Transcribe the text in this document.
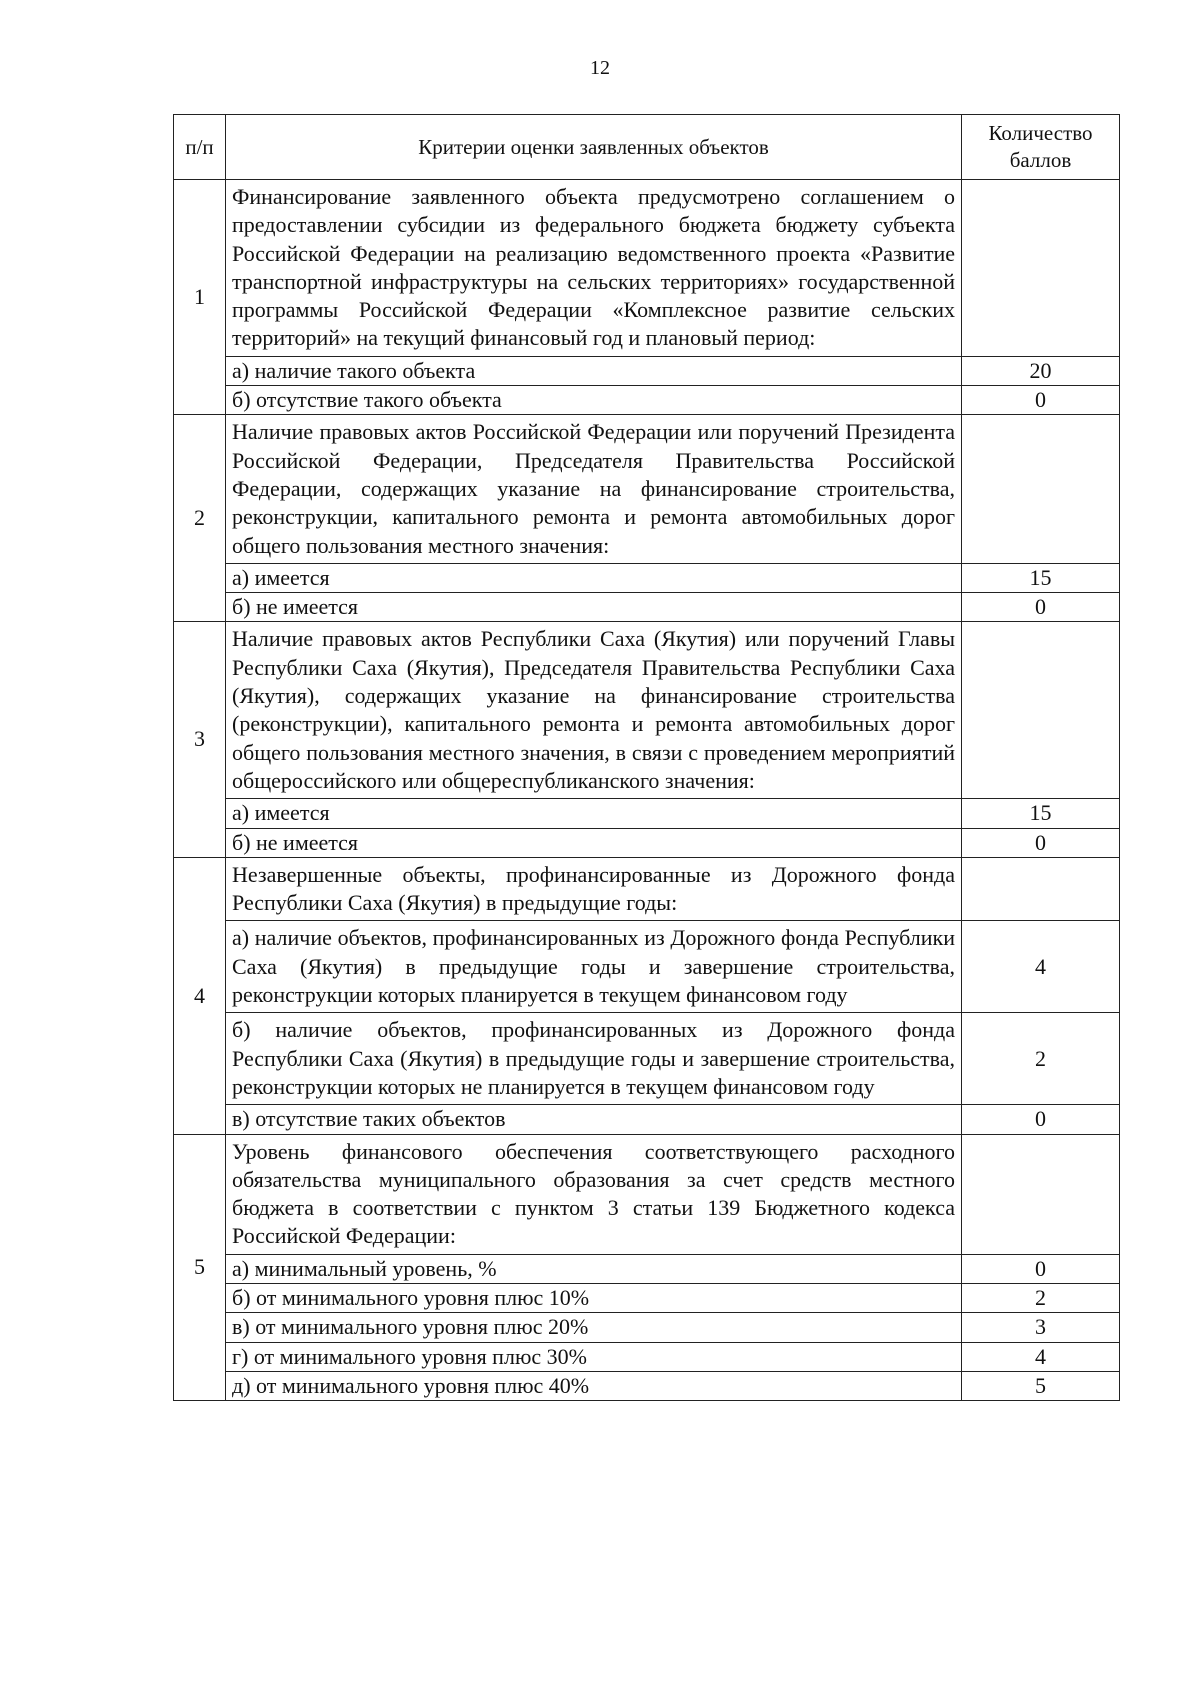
12
п/п	Критерии оценки заявленных объектов	Количество баллов
1	Финансирование заявленного объекта предусмотрено соглашением о предоставлении субсидии из федерального бюджета бюджету субъекта Российской Федерации на реализацию ведомственного проекта «Развитие транспортной инфраструктуры на сельских территориях» государственной программы Российской Федерации «Комплексное развитие сельских территорий» на текущий финансовый год и плановый период:	
	а) наличие такого объекта	20
	б) отсутствие такого объекта	0
2	Наличие правовых актов Российской Федерации или поручений Президента Российской Федерации, Председателя Правительства Российской Федерации, содержащих указание на финансирование строительства, реконструкции, капитального ремонта и ремонта автомобильных дорог общего пользования местного значения:	
	а) имеется	15
	б) не имеется	0
3	Наличие правовых актов Республики Саха (Якутия) или поручений Главы Республики Саха (Якутия), Председателя Правительства Республики Саха (Якутия), содержащих указание на финансирование строительства (реконструкции), капитального ремонта и ремонта автомобильных дорог общего пользования местного значения, в связи с проведением мероприятий общероссийского или общереспубликанского значения:	
	а) имеется	15
	б) не имеется	0
4	Незавершенные объекты, профинансированные из Дорожного фонда Республики Саха (Якутия) в предыдущие годы:	
	а) наличие объектов, профинансированных из Дорожного фонда Республики Саха (Якутия) в предыдущие годы и завершение строительства, реконструкции которых планируется в текущем финансовом году	4
	б) наличие объектов, профинансированных из Дорожного фонда Республики Саха (Якутия) в предыдущие годы и завершение строительства, реконструкции которых не планируется в текущем финансовом году	2
	в) отсутствие таких объектов	0
5	Уровень финансового обеспечения соответствующего расходного обязательства муниципального образования за счет средств местного бюджета в соответствии с пунктом 3 статьи 139 Бюджетного кодекса Российской Федерации:	
	а) минимальный уровень, %	0
	б) от минимального уровня плюс 10%	2
	в) от минимального уровня плюс 20%	3
	г) от минимального уровня плюс 30%	4
	д) от минимального уровня плюс 40%	5
